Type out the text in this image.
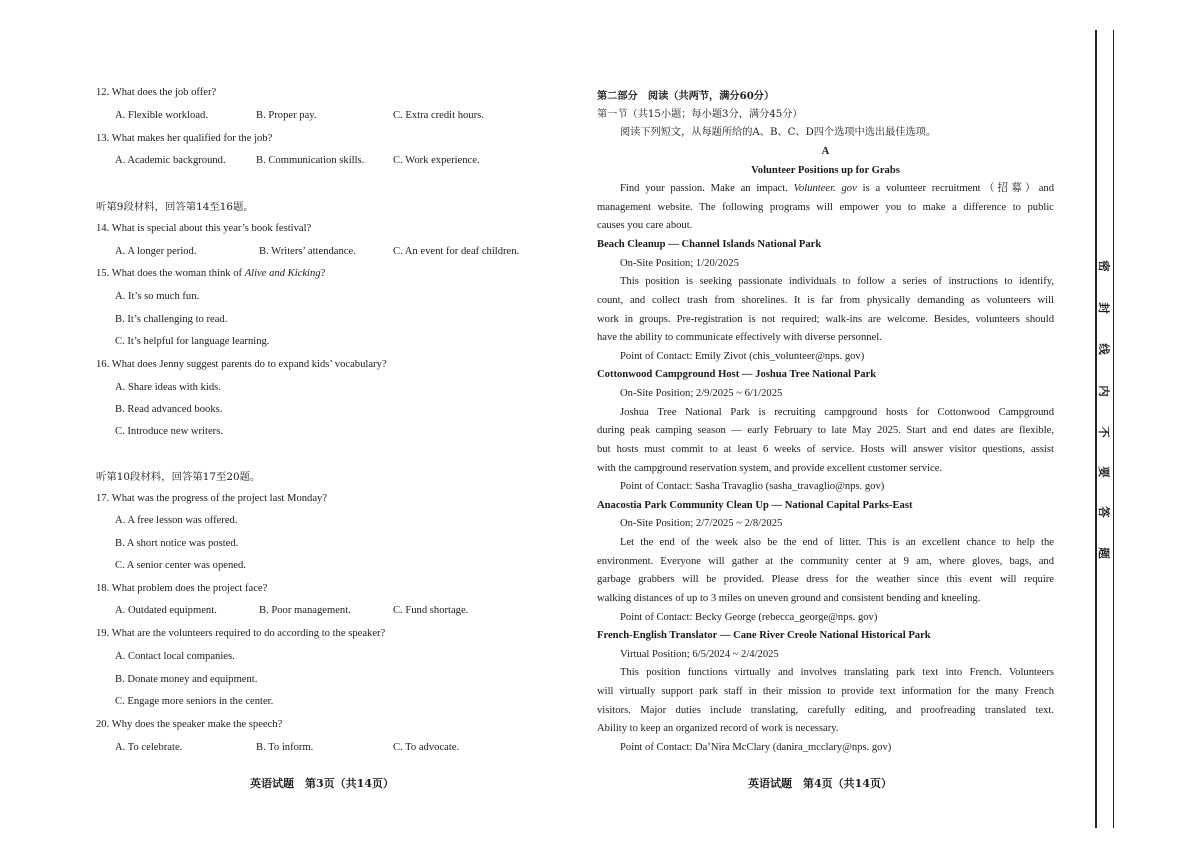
12. What does the job offer?
A. Flexible workload.	B. Proper pay.	C. Extra credit hours.
13. What makes her qualified for the job?
A. Academic background.	B. Communication skills.	C. Work experience.
听第9段材料，回答第14至16题。
14. What is special about this year’s book festival?
A. A longer period.	B. Writers’ attendance.	C. An event for deaf children.
15. What does the woman think of Alive and Kicking?
A. It’s so much fun.
B. It’s challenging to read.
C. It’s helpful for language learning.
16. What does Jenny suggest parents do to expand kids’ vocabulary?
A. Share ideas with kids.
B. Read advanced books.
C. Introduce new writers.
听第10段材料，回答第17至20题。
17. What was the progress of the project last Monday?
A. A free lesson was offered.
B. A short notice was posted.
C. A senior center was opened.
18. What problem does the project face?
A. Outdated equipment.	B. Poor management.	C. Fund shortage.
19. What are the volunteers required to do according to the speaker?
A. Contact local companies.
B. Donate money and equipment.
C. Engage more seniors in the center.
20. Why does the speaker make the speech?
A. To celebrate.	B. To inform.	C. To advocate.
英语试题　第3页（共14页）
第二部分　阅读（共两节，满分60分）
第一节（共15小题；每小题3分，满分45分）
阅读下列短文，从每题所给的A、B、C、D四个选项中选出最佳选项。
A
Volunteer Positions up for Grabs
Find your passion. Make an impact. Volunteer. gov is a volunteer recruitment（招募）and
management website. The following programs will empower you to make a difference to public
causes you care about.
Beach Cleanup — Channel Islands National Park
On-Site Position; 1/20/2025
This position is seeking passionate individuals to follow a series of instructions to identify,
count, and collect trash from shorelines. It is far from physically demanding as volunteers will
work in groups. Pre-registration is not required; walk-ins are welcome. Besides, volunteers should
have the ability to communicate effectively with diverse personnel.
Point of Contact: Emily Zivot (chis_volunteer@nps. gov)
Cottonwood Campground Host — Joshua Tree National Park
On-Site Position; 2/9/2025 ~ 6/1/2025
Joshua Tree National Park is recruiting campground hosts for Cottonwood Campground
during peak camping season — early February to late May 2025. Start and end dates are flexible,
but hosts must commit to at least 6 weeks of service. Hosts will answer visitor questions, assist
with the campground reservation system, and provide excellent customer service.
Point of Contact: Sasha Travaglio (sasha_travaglio@nps. gov)
Anacostia Park Community Clean Up — National Capital Parks-East
On-Site Position; 2/7/2025 ~ 2/8/2025
Let the end of the week also be the end of litter. This is an excellent chance to help the
environment. Everyone will gather at the community center at 9 am, where gloves, bags, and
garbage grabbers will be provided. Please dress for the weather since this event will require
walking distances of up to 3 miles on uneven ground and consistent bending and kneeling.
Point of Contact: Becky George (rebecca_george@nps. gov)
French-English Translator — Cane River Creole National Historical Park
Virtual Position; 6/5/2024 ~ 2/4/2025
This position functions virtually and involves translating park text into French. Volunteers
will virtually support park staff in their mission to provide text information for the many French
visitors. Major duties include translating, carefully editing, and proofreading translated text.
Ability to keep an organized record of work is necessary.
Point of Contact: Da’Nira McClary (danira_mcclary@nps. gov)
英语试题　第4页（共14页）
密
封
线
内
不
要
答
题
